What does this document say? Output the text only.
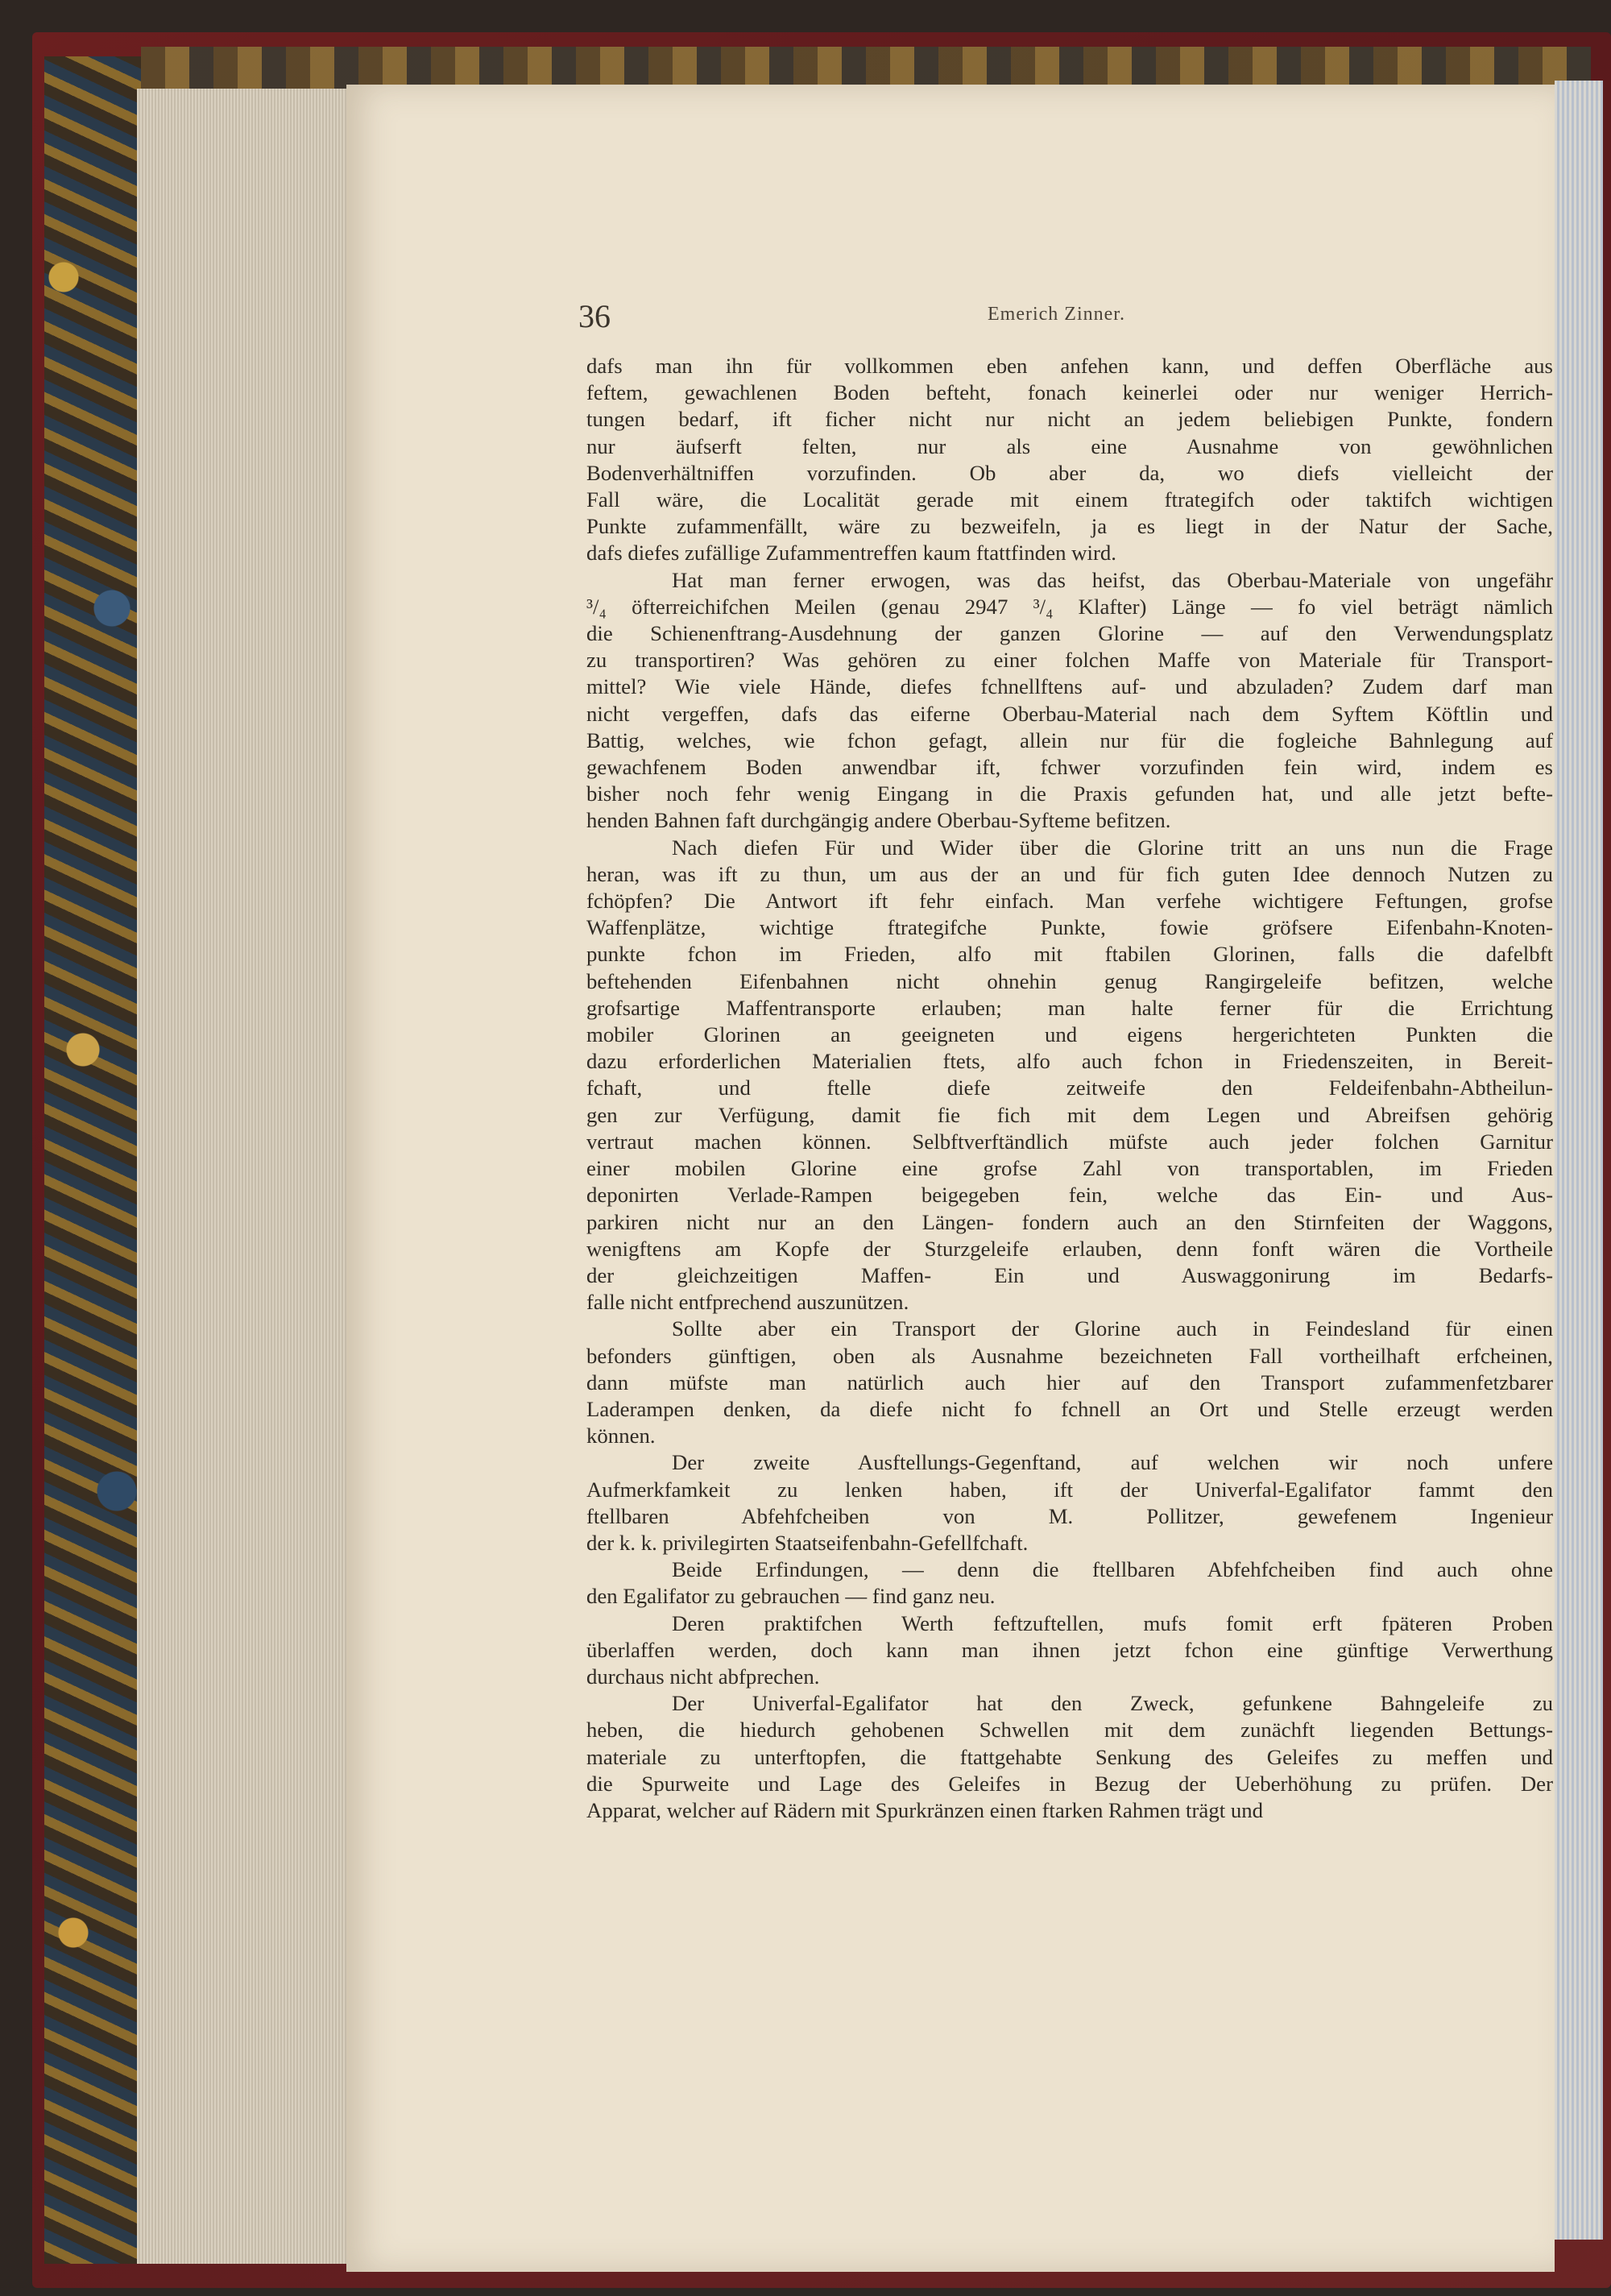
36	Emerich Zinner.
dafs man ihn für vollkommen eben anfehen kann, und deffen Oberfläche aus
feftem, gewachlenen Boden befteht, fonach keinerlei oder nur weniger Herrich-
tungen bedarf, ift ficher nicht nur nicht an jedem beliebigen Punkte, fondern
nur äufserft felten, nur als eine Ausnahme von gewöhnlichen
Bodenverhältniffen vorzufinden. Ob aber da, wo diefs vielleicht der
Fall wäre, die Localität gerade mit einem ftrategifch oder taktifch wichtigen
Punkte zufammenfällt, wäre zu bezweifeln, ja es liegt in der Natur der Sache,
dafs diefes zufällige Zufammentreffen kaum ftattfinden wird.
Hat man ferner erwogen, was das heifst, das Oberbau-Materiale von ungefähr
³/₄ öfterreichifchen Meilen (genau 2947 ³/₄ Klafter) Länge — fo viel beträgt nämlich
die Schienenftrang-Ausdehnung der ganzen Glorine — auf den Verwendungsplatz
zu transportiren? Was gehören zu einer folchen Maffe von Materiale für Transport-
mittel? Wie viele Hände, diefes fchnellftens auf- und abzuladen? Zudem darf man
nicht vergeffen, dafs das eiferne Oberbau-Material nach dem Syftem Köftlin und
Battig, welches, wie fchon gefagt, allein nur für die fogleiche Bahnlegung auf
gewachfenem Boden anwendbar ift, fchwer vorzufinden fein wird, indem es
bisher noch fehr wenig Eingang in die Praxis gefunden hat, und alle jetzt befte-
henden Bahnen faft durchgängig andere Oberbau-Syfteme befitzen.
Nach diefen Für und Wider über die Glorine tritt an uns nun die Frage
heran, was ift zu thun, um aus der an und für fich guten Idee dennoch Nutzen zu
fchöpfen? Die Antwort ift fehr einfach. Man verfehe wichtigere Feftungen, grofse
Waffenplätze, wichtige ftrategifche Punkte, fowie gröfsere Eifenbahn-Knoten-
punkte fchon im Frieden, alfo mit ftabilen Glorinen, falls die dafelbft
beftehenden Eifenbahnen nicht ohnehin genug Rangirgeleife befitzen, welche
grofsartige Maffentransporte erlauben; man halte ferner für die Errichtung
mobiler Glorinen an geeigneten und eigens hergerichteten Punkten die
dazu erforderlichen Materialien ftets, alfo auch fchon in Friedenszeiten, in Bereit-
fchaft, und ftelle diefe zeitweife den Feldeifenbahn-Abtheilun-
gen zur Verfügung, damit fie fich mit dem Legen und Abreifsen gehörig
vertraut machen können. Selbftverftändlich müfste auch jeder folchen Garnitur
einer mobilen Glorine eine grofse Zahl von transportablen, im Frieden
deponirten Verlade-Rampen beigegeben fein, welche das Ein- und Aus-
parkiren nicht nur an den Längen- fondern auch an den Stirnfeiten der Waggons,
wenigftens am Kopfe der Sturzgeleife erlauben, denn fonft wären die Vortheile
der gleichzeitigen Maffen- Ein und Auswaggonirung im Bedarfs-
falle nicht entfprechend auszunützen.
Sollte aber ein Transport der Glorine auch in Feindesland für einen
befonders günftigen, oben als Ausnahme bezeichneten Fall vortheilhaft erfcheinen,
dann müfste man natürlich auch hier auf den Transport zufammenfetzbarer
Laderampen denken, da diefe nicht fo fchnell an Ort und Stelle erzeugt werden
können.
Der zweite Ausftellungs-Gegenftand, auf welchen wir noch unfere
Aufmerkfamkeit zu lenken haben, ift der Univerfal-Egalifator fammt den
ftellbaren Abfehfcheiben von M. Pollitzer, gewefenem Ingenieur
der k. k. privilegirten Staatseifenbahn-Gefellfchaft.
Beide Erfindungen, — denn die ftellbaren Abfehfcheiben find auch ohne
den Egalifator zu gebrauchen — find ganz neu.
Deren praktifchen Werth feftzuftellen, mufs fomit erft fpäteren Proben
überlaffen werden, doch kann man ihnen jetzt fchon eine günftige Verwerthung
durchaus nicht abfprechen.
Der Univerfal-Egalifator hat den Zweck, gefunkene Bahngeleife zu
heben, die hiedurch gehobenen Schwellen mit dem zunächft liegenden Bettungs-
materiale zu unterftopfen, die ftattgehabte Senkung des Geleifes zu meffen und
die Spurweite und Lage des Geleifes in Bezug der Ueberhöhung zu prüfen. Der
Apparat, welcher auf Rädern mit Spurkränzen einen ftarken Rahmen trägt und
